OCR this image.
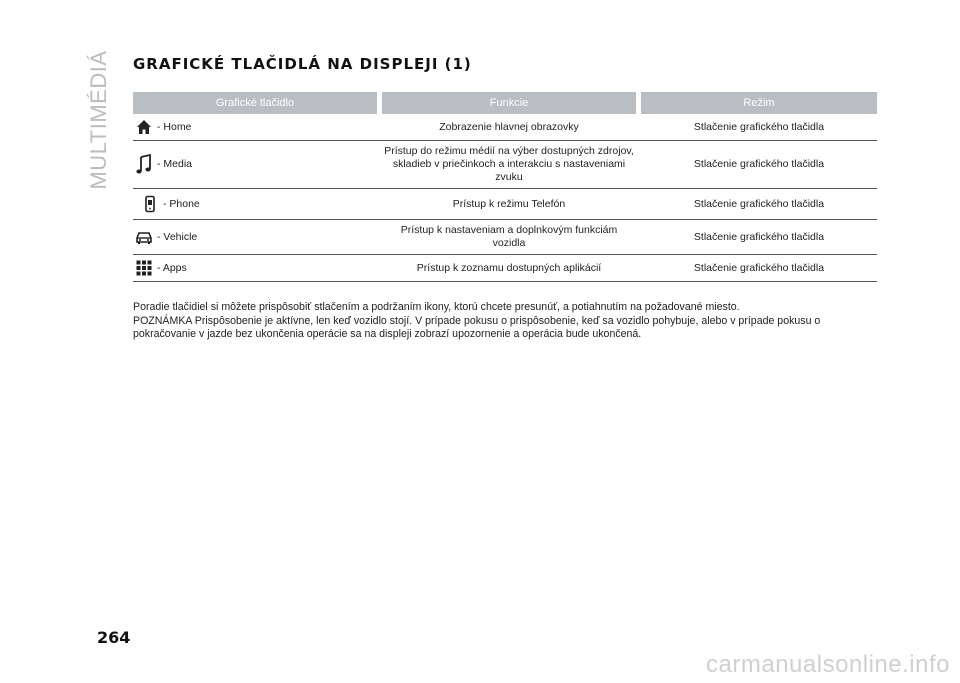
MULTIMÉDIÁ GRAFICKÉ TLAČIDLÁ NA DISPLEJI (1)
Grafické tlačidlo		Funkcie		Režim

- Home		Zobrazenie hlavnej obrazovky		Stlačenie grafického tlačidla

- Media		Prístup do režimu médií na výber dostupných zdrojov, skladieb v priečinkoch a interakciu s nastaveniami zvuku		Stlačenie grafického tlačidla

- Phone		Prístup k režimu Telefón		Stlačenie grafického tlačidla

- Vehicle		Prístup k nastaveniam a doplnkovým funkciám vozidla		Stlačenie grafického tlačidla

- Apps		Prístup k zoznamu dostupných aplikácií		Stlačenie grafického tlačidla

Poradie tlačidiel si môžete prispôsobiť stlačením a podržaním ikony, ktorú chcete presunúť, a potiahnutím na požadované miesto.

POZNÁMKA Prispôsobenie je aktívne, len keď vozidlo stojí. V prípade pokusu o prispôsobenie, keď sa vozidlo pohybuje, alebo v prípade pokusu o pokračovanie v jazde bez ukončenia operácie sa na displeji zobrazí upozornenie a operácia bude ukončená.

264
carmanualsonline.info
